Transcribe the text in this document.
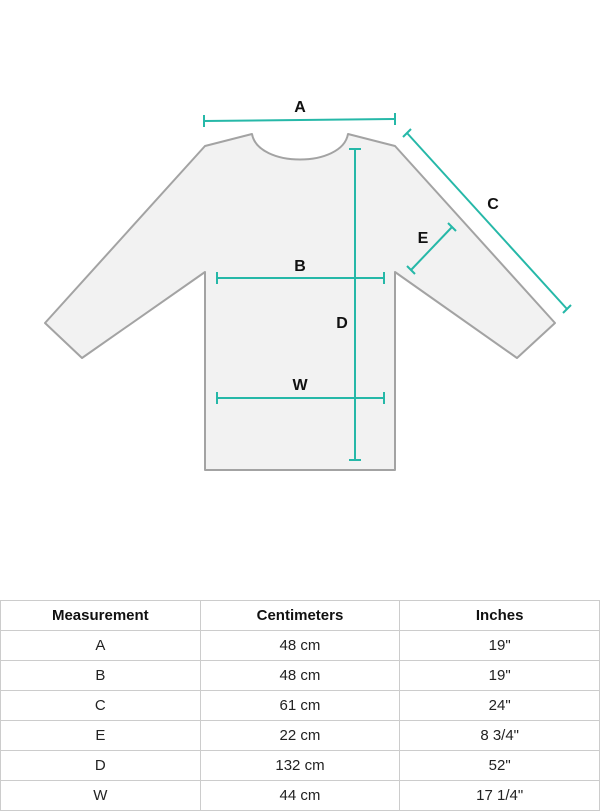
A
C
E
B
D
W
Measurement	Centimeters	Inches
A	48 cm	19"
B	48 cm	19"
C	61 cm	24"
E	22 cm	8 3/4"
D	132 cm	52"
W	44 cm	17 1/4"
